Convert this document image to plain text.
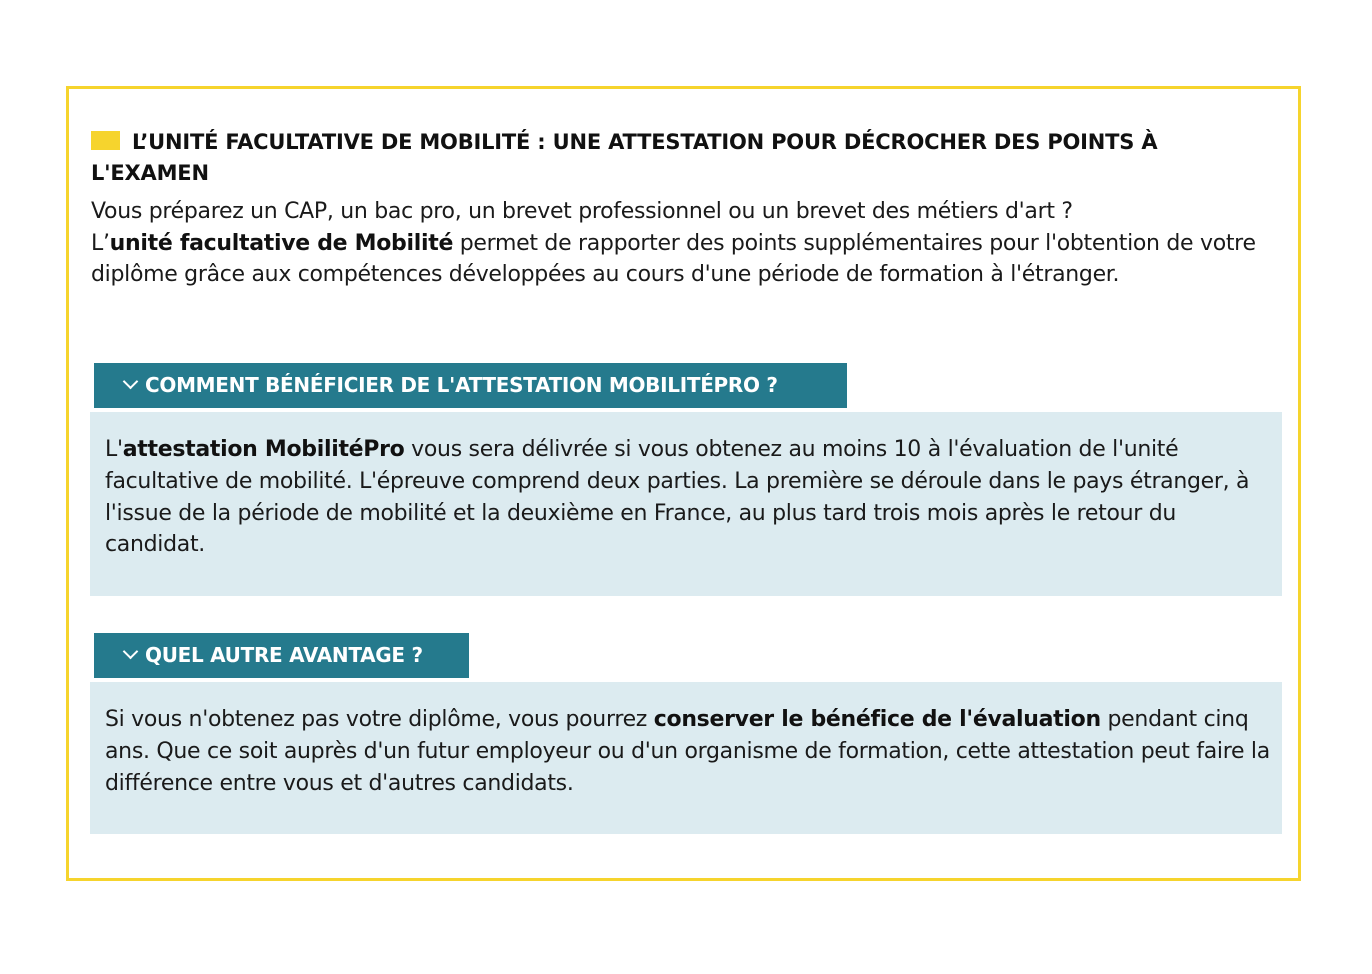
L’UNITÉ FACULTATIVE DE MOBILITÉ : UNE ATTESTATION POUR DÉCROCHER DES POINTS À L'EXAMEN

Vous préparez un CAP, un bac pro, un brevet professionnel ou un brevet des métiers d'art ?
L’unité facultative de Mobilité permet de rapporter des points supplémentaires pour l'obtention de votre diplôme grâce aux compétences développées au cours d'une période de formation à l'étranger.

COMMENT BÉNÉFICIER DE L'ATTESTATION MOBILITÉPRO ?

L'attestation MobilitéPro vous sera délivrée si vous obtenez au moins 10 à l'évaluation de l'unité facultative de mobilité. L'épreuve comprend deux parties. La première se déroule dans le pays étranger, à l'issue de la période de mobilité et la deuxième en France, au plus tard trois mois après le retour du candidat.

QUEL AUTRE AVANTAGE ?

Si vous n'obtenez pas votre diplôme, vous pourrez conserver le bénéfice de l'évaluation pendant cinq ans. Que ce soit auprès d'un futur employeur ou d'un organisme de formation, cette attestation peut faire la différence entre vous et d'autres candidats.
